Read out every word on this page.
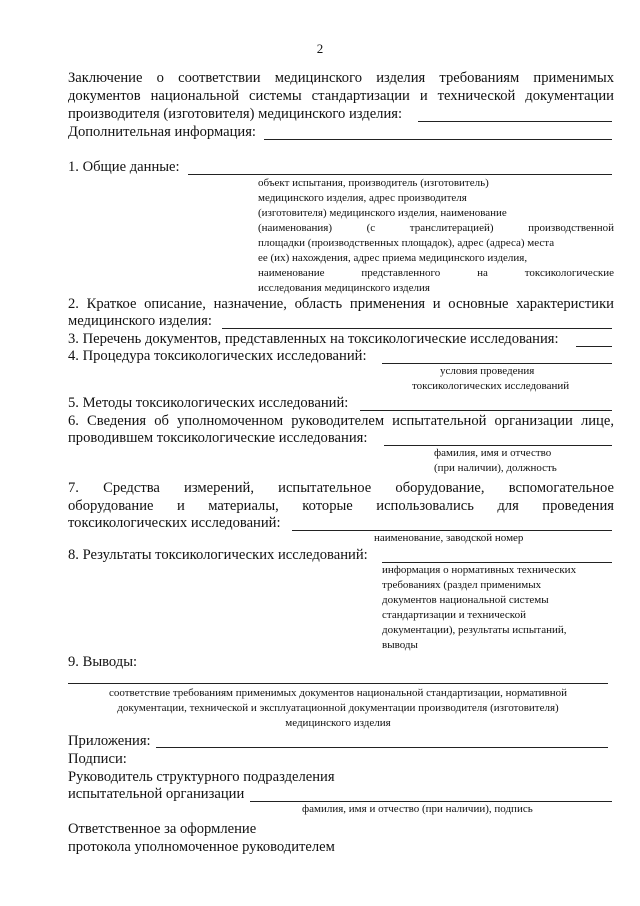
2
Заключение о соответствии медицинского изделия требованиям применимых
документов национальной системы стандартизации и технической документации
производителя (изготовителя) медицинского изделия:
Дополнительная информация:
1. Общие данные:
объект испытания, производитель (изготовитель)
медицинского изделия, адрес производителя
(изготовителя) медицинского изделия, наименование
(наименования) (с транслитерацией) производственной
площадки (производственных площадок), адрес (адреса) места
ее (их) нахождения, адрес приема медицинского изделия,
наименование представленного на токсикологические
исследования медицинского изделия
2. Краткое описание, назначение, область применения и основные характеристики
медицинского изделия:
3. Перечень документов, представленных на токсикологические исследования:
4. Процедура токсикологических исследований:
условия проведения
токсикологических исследований
5. Методы токсикологических исследований:
6. Сведения об уполномоченном руководителем испытательной организации лице,
проводившем токсикологические исследования:
фамилия, имя и отчество
(при наличии), должность
7. Средства измерений, испытательное оборудование, вспомогательное
оборудование и материалы, которые использовались для проведения
токсикологических исследований:
наименование, заводской номер
8. Результаты токсикологических исследований:
информация о нормативных технических
требованиях (раздел применимых
документов национальной системы
стандартизации и технической
документации), результаты испытаний,
выводы
9. Выводы:
соответствие требованиям применимых документов национальной стандартизации, нормативной
документации, технической и эксплуатационной документации производителя (изготовителя)
медицинского изделия
Приложения:
Подписи:
Руководитель структурного подразделения
испытательной организации
фамилия, имя и отчество (при наличии), подпись
Ответственное за оформление
протокола уполномоченное руководителем
